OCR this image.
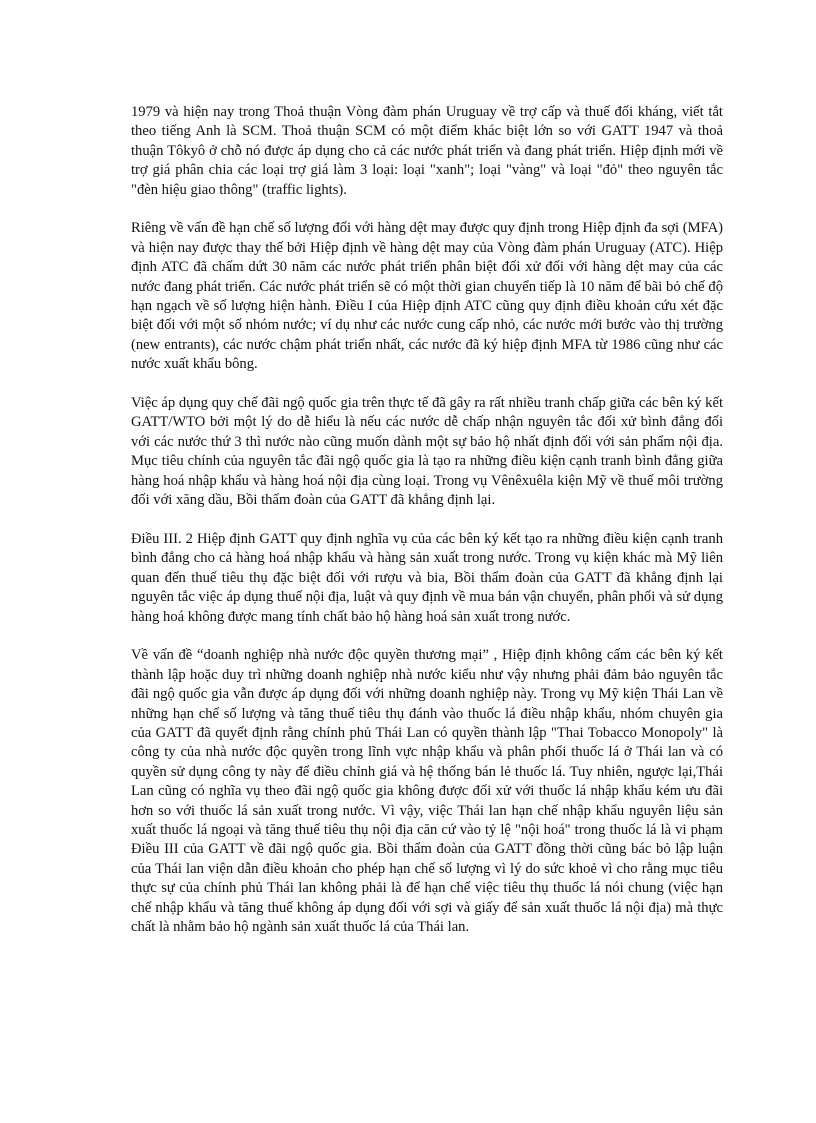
1979 và hiện nay trong Thoả thuận Vòng đàm phán Uruguay về trợ cấp và thuế đối kháng, viết tắt theo tiếng Anh là SCM. Thoả thuận SCM có một điểm khác biệt lớn so với GATT 1947 và thoả thuận Tôkyô ở chỗ nó được áp dụng cho cả các nước phát triển và đang phát triển. Hiệp định mới về trợ giá phân chia các loại trợ giá làm 3 loại: loại "xanh"; loại "vàng" và loại "đỏ" theo nguyên tắc "đèn hiệu giao thông" (traffic lights).

Riêng về vấn đề hạn chế số lượng đối với hàng dệt may được quy định trong Hiệp định đa sợi (MFA) và hiện nay được thay thế bởi Hiệp định về hàng dệt may của Vòng đàm phán Uruguay (ATC). Hiệp định ATC đã chấm dứt 30 năm các nước phát triển phân biệt đối xử đối với hàng dệt may của các nước đang phát triển. Các nước phát triển sẽ có một thời gian chuyển tiếp là 10 năm để bãi bỏ chế độ hạn ngạch về số lượng hiện hành. Điều I của Hiệp định ATC cũng quy định điều khoản cứu xét đặc biệt đối với một số nhóm nước; ví dụ như các nước cung cấp nhỏ, các nước mới bước vào thị trường (new entrants), các nước chậm phát triển nhất, các nước đã ký hiệp định MFA từ 1986 cũng như các nước xuất khẩu bông.

Việc áp dụng quy chế đãi ngộ quốc gia trên thực tế đã gây ra rất nhiều tranh chấp giữa các bên ký kết GATT/WTO bởi một lý do dễ hiểu là nếu các nước dễ chấp nhận nguyên tắc đối xử bình đẳng đối với các nước thứ 3 thì nước nào cũng muốn dành một sự bảo hộ nhất định đối với sản phẩm nội địa. Mục tiêu chính của nguyên tắc đãi ngộ quốc gia là tạo ra những điều kiện cạnh tranh bình đẳng giữa hàng hoá nhập khẩu và hàng hoá nội địa cùng loại. Trong vụ Vênêxuêla kiện Mỹ về thuế môi trường đối với xăng dầu, Bồi thẩm đoàn của GATT đã khẳng định lại.

Điều III. 2 Hiệp định GATT quy định nghĩa vụ của các bên ký kết tạo ra những điều kiện cạnh tranh bình đẳng cho cả hàng hoá nhập khẩu và hàng sản xuất trong nước. Trong vụ kiện khác mà Mỹ liên quan đến thuế tiêu thụ đặc biệt đối với rượu và bia, Bồi thẩm đoàn của GATT đã khẳng định lại nguyên tắc việc áp dụng thuế nội địa, luật và quy định về mua bán vận chuyển, phân phối và sử dụng hàng hoá không được mang tính chất bảo hộ hàng hoá sản xuất trong nước.

Về vấn đề “doanh nghiệp nhà nước độc quyền thương mại” , Hiệp định không cấm các bên ký kết thành lập hoặc duy trì những doanh nghiệp nhà nước kiểu như vậy nhưng phải đảm bảo nguyên tắc đãi ngộ quốc gia vẫn được áp dụng đối với những doanh nghiệp này. Trong vụ Mỹ kiện Thái Lan về những hạn chế số lượng và tăng thuế tiêu thụ đánh vào thuốc lá điều nhập khẩu, nhóm chuyên gia của GATT đã quyết định rằng chính phủ Thái Lan có quyền thành lập "Thai Tobacco Monopoly" là công ty của nhà nước độc quyền trong lĩnh vực nhập khẩu và phân phối thuốc lá ở Thái lan và có quyền sử dụng công ty này để điều chỉnh giá và hệ thống bán lẻ thuốc lá. Tuy nhiên, ngược lại,Thái Lan cũng có nghĩa vụ theo đãi ngộ quốc gia không được đối xử với thuốc lá nhập khẩu kém ưu đãi hơn so với thuốc lá sản xuất trong nước. Vì vậy, việc Thái lan hạn chế nhập khẩu nguyên liệu sản xuất thuốc lá ngoại và tăng thuế tiêu thụ nội địa căn cứ vào tỷ lệ "nội hoá" trong thuốc lá là vi phạm Điều III của GATT về đãi ngộ quốc gia. Bồi thẩm đoàn của GATT đồng thời cũng bác bỏ lập luận của Thái lan viện dẫn điều khoản cho phép hạn chế số lượng vì lý do sức khoẻ vì cho rằng mục tiêu thực sự của chính phủ Thái lan không phải là để hạn chế việc tiêu thụ thuốc lá nói chung (việc hạn chế nhập khẩu và tăng thuế không áp dụng đối với sợi và giấy để sản xuất thuốc lá nội địa) mà thực chất là nhằm bảo hộ ngành sản xuất thuốc lá của Thái lan.
